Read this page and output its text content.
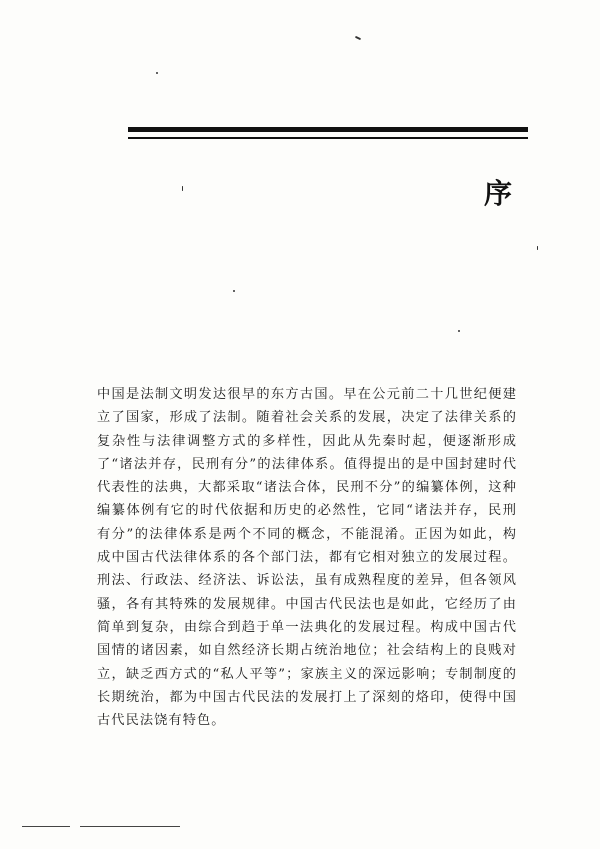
序

中国是法制文明发达很早的东方古国。早在公元前二十几世纪便建立了国家，形成了法制。随着社会关系的发展，决定了法律关系的复杂性与法律调整方式的多样性，因此从先秦时起，便逐渐形成了“诸法并存，民刑有分”的法律体系。值得提出的是中国封建时代代表性的法典，大都采取“诸法合体，民刑不分”的编纂体例，这种编纂体例有它的时代依据和历史的必然性，它同“诸法并存，民刑有分”的法律体系是两个不同的概念，不能混淆。正因为如此，构成中国古代法律体系的各个部门法，都有它相对独立的发展过程。刑法、行政法、经济法、诉讼法，虽有成熟程度的差异，但各领风骚，各有其特殊的发展规律。中国古代民法也是如此，它经历了由简单到复杂，由综合到趋于单一法典化的发展过程。构成中国古代国情的诸因素，如自然经济长期占统治地位；社会结构上的良贱对立，缺乏西方式的“私人平等”；家族主义的深远影响；专制制度的长期统治，都为中国古代民法的发展打上了深刻的烙印，使得中国古代民法饶有特色。
